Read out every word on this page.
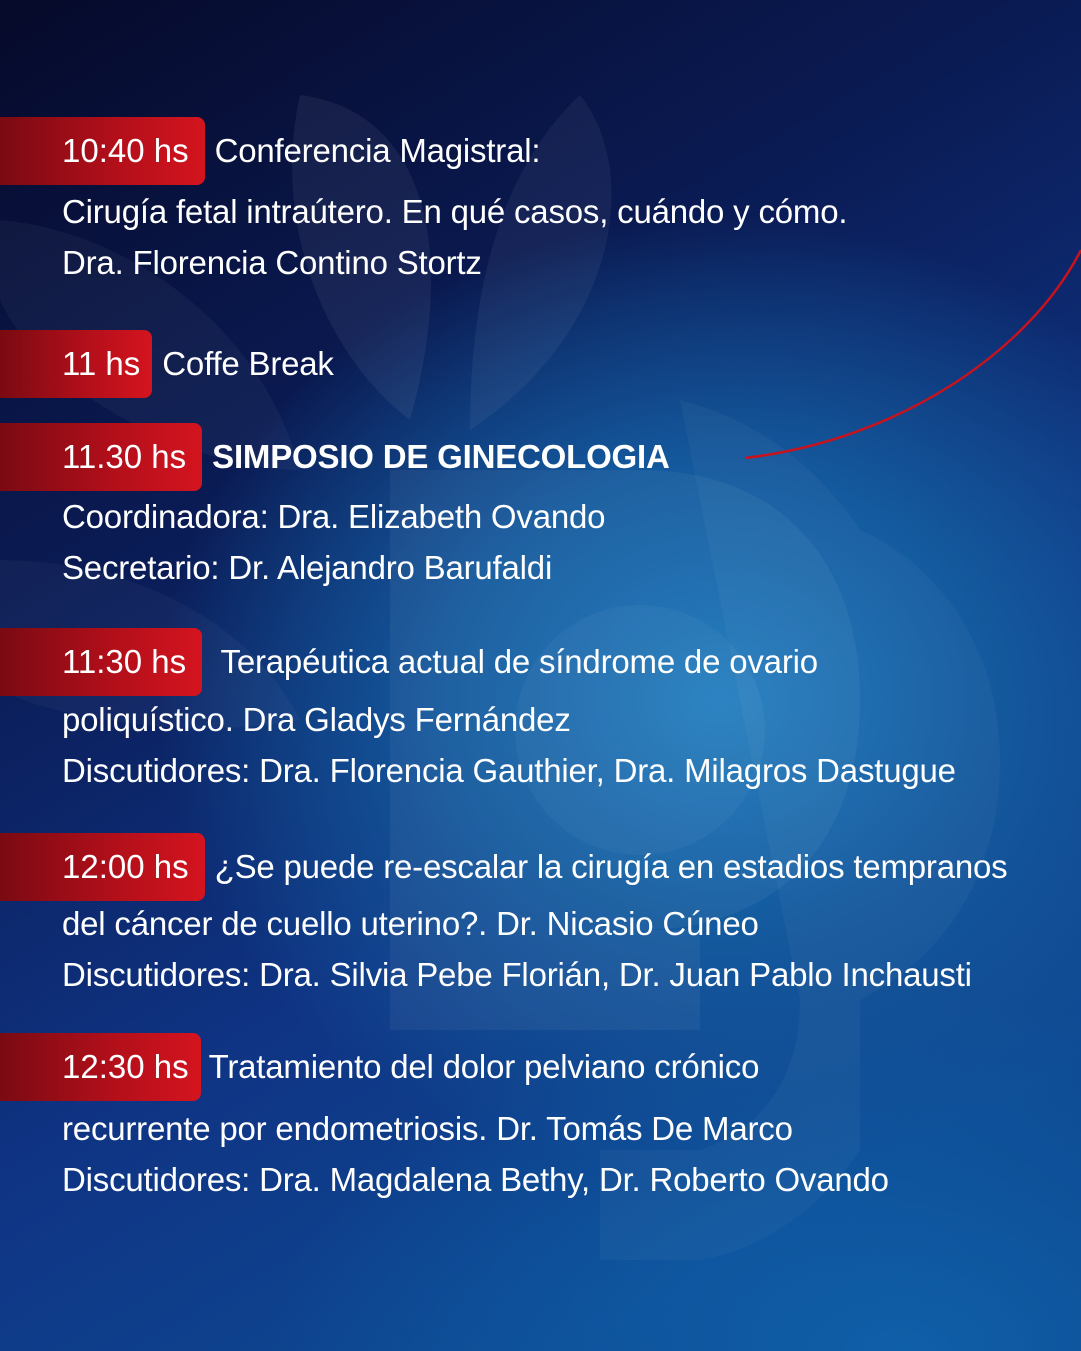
10:40 hs Conferencia Magistral:
Cirugía fetal intraútero. En qué casos, cuándo y cómo.
Dra. Florencia Contino Stortz
11 hs Coffe Break
11.30 hs SIMPOSIO DE GINECOLOGIA
Coordinadora: Dra. Elizabeth Ovando
Secretario: Dr. Alejandro Barufaldi
11:30 hs Terapéutica actual de síndrome de ovario
poliquístico. Dra Gladys Fernández
Discutidores: Dra. Florencia Gauthier, Dra. Milagros Dastugue
12:00 hs ¿Se puede re-escalar la cirugía en estadios tempranos
del cáncer de cuello uterino?. Dr. Nicasio Cúneo
Discutidores: Dra. Silvia Pebe Florián, Dr. Juan Pablo Inchausti
12:30 hs Tratamiento del dolor pelviano crónico
recurrente por endometriosis. Dr. Tomás De Marco
Discutidores: Dra. Magdalena Bethy, Dr. Roberto Ovando
